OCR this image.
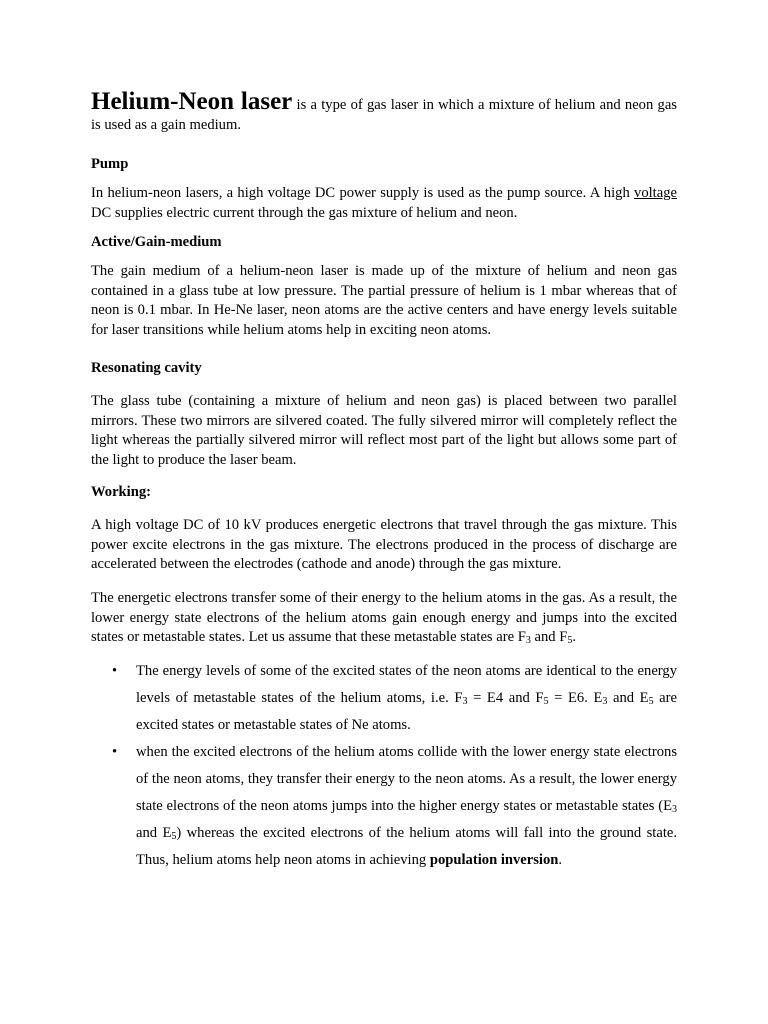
Helium-Neon laser is a type of gas laser in which a mixture of helium and neon gas is used as a gain medium.

Pump

In helium-neon lasers, a high voltage DC power supply is used as the pump source. A high voltage DC supplies electric current through the gas mixture of helium and neon.

Active/Gain-medium

The gain medium of a helium-neon laser is made up of the mixture of helium and neon gas contained in a glass tube at low pressure. The partial pressure of helium is 1 mbar whereas that of neon is 0.1 mbar. In He-Ne laser, neon atoms are the active centers and have energy levels suitable for laser transitions while helium atoms help in exciting neon atoms.

Resonating cavity

The glass tube (containing a mixture of helium and neon gas) is placed between two parallel mirrors. These two mirrors are silvered coated. The fully silvered mirror will completely reflect the light whereas the partially silvered mirror will reflect most part of the light but allows some part of the light to produce the laser beam.

Working:

A high voltage DC of 10 kV produces energetic electrons that travel through the gas mixture. This power excite electrons in the gas mixture. The electrons produced in the process of discharge are accelerated between the electrodes (cathode and anode) through the gas mixture.

The energetic electrons transfer some of their energy to the helium atoms in the gas. As a result, the lower energy state electrons of the helium atoms gain enough energy and jumps into the excited states or metastable states. Let us assume that these metastable states are $F_3$ and $F_5$.

• The energy levels of some of the excited states of the neon atoms are identical to the energy levels of metastable states of the helium atoms, i.e. $F_3 = E4$ and $F_5 = E6$. $E_3$ and $E_5$ are excited states or metastable states of Ne atoms.
• when the excited electrons of the helium atoms collide with the lower energy state electrons of the neon atoms, they transfer their energy to the neon atoms. As a result, the lower energy state electrons of the neon atoms jumps into the higher energy states or metastable states ($E_3$ and $E_5$) whereas the excited electrons of the helium atoms will fall into the ground state. Thus, helium atoms help neon atoms in achieving population inversion.
